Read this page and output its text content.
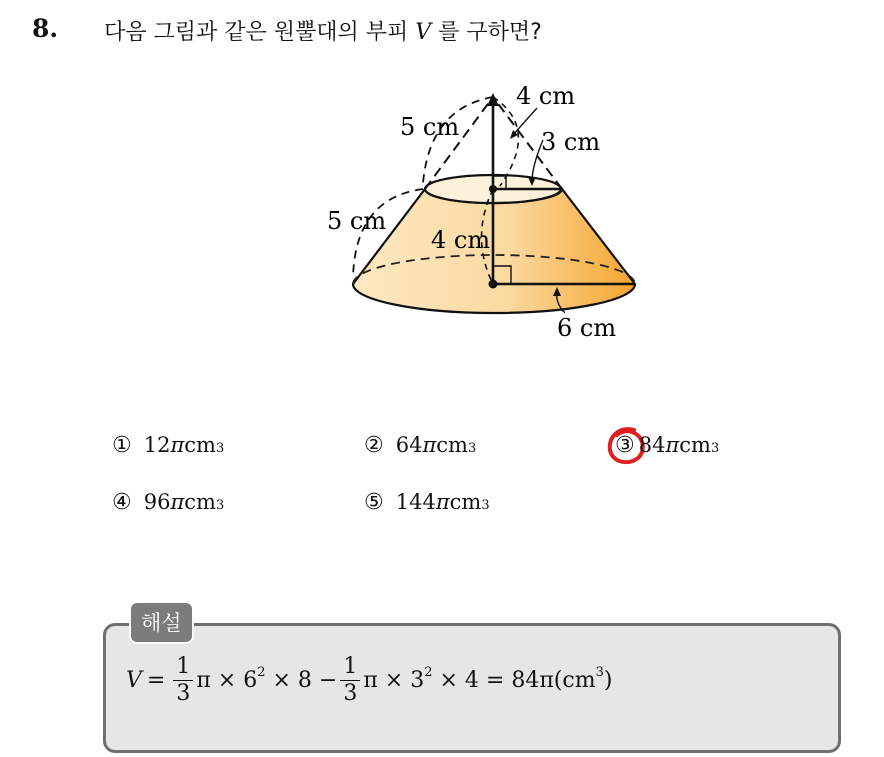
8. 다음 그림과 같은 원뿔대의 부피 V 를 구하면?
4 cm
5 cm
3 cm
5 cm
4 cm
6 cm
① 12 π cm 3	② 64 π cm 3	③ 84 π cm 3
④ 96 π cm 3	⑤ 144 π cm 3
해설
$V = \frac{1}{3}$ $\pi \times 6^2 \times 8 - \frac{1}{3}$ $\pi \times 3^2 \times 4 = 84\pi(cm^3$ )
